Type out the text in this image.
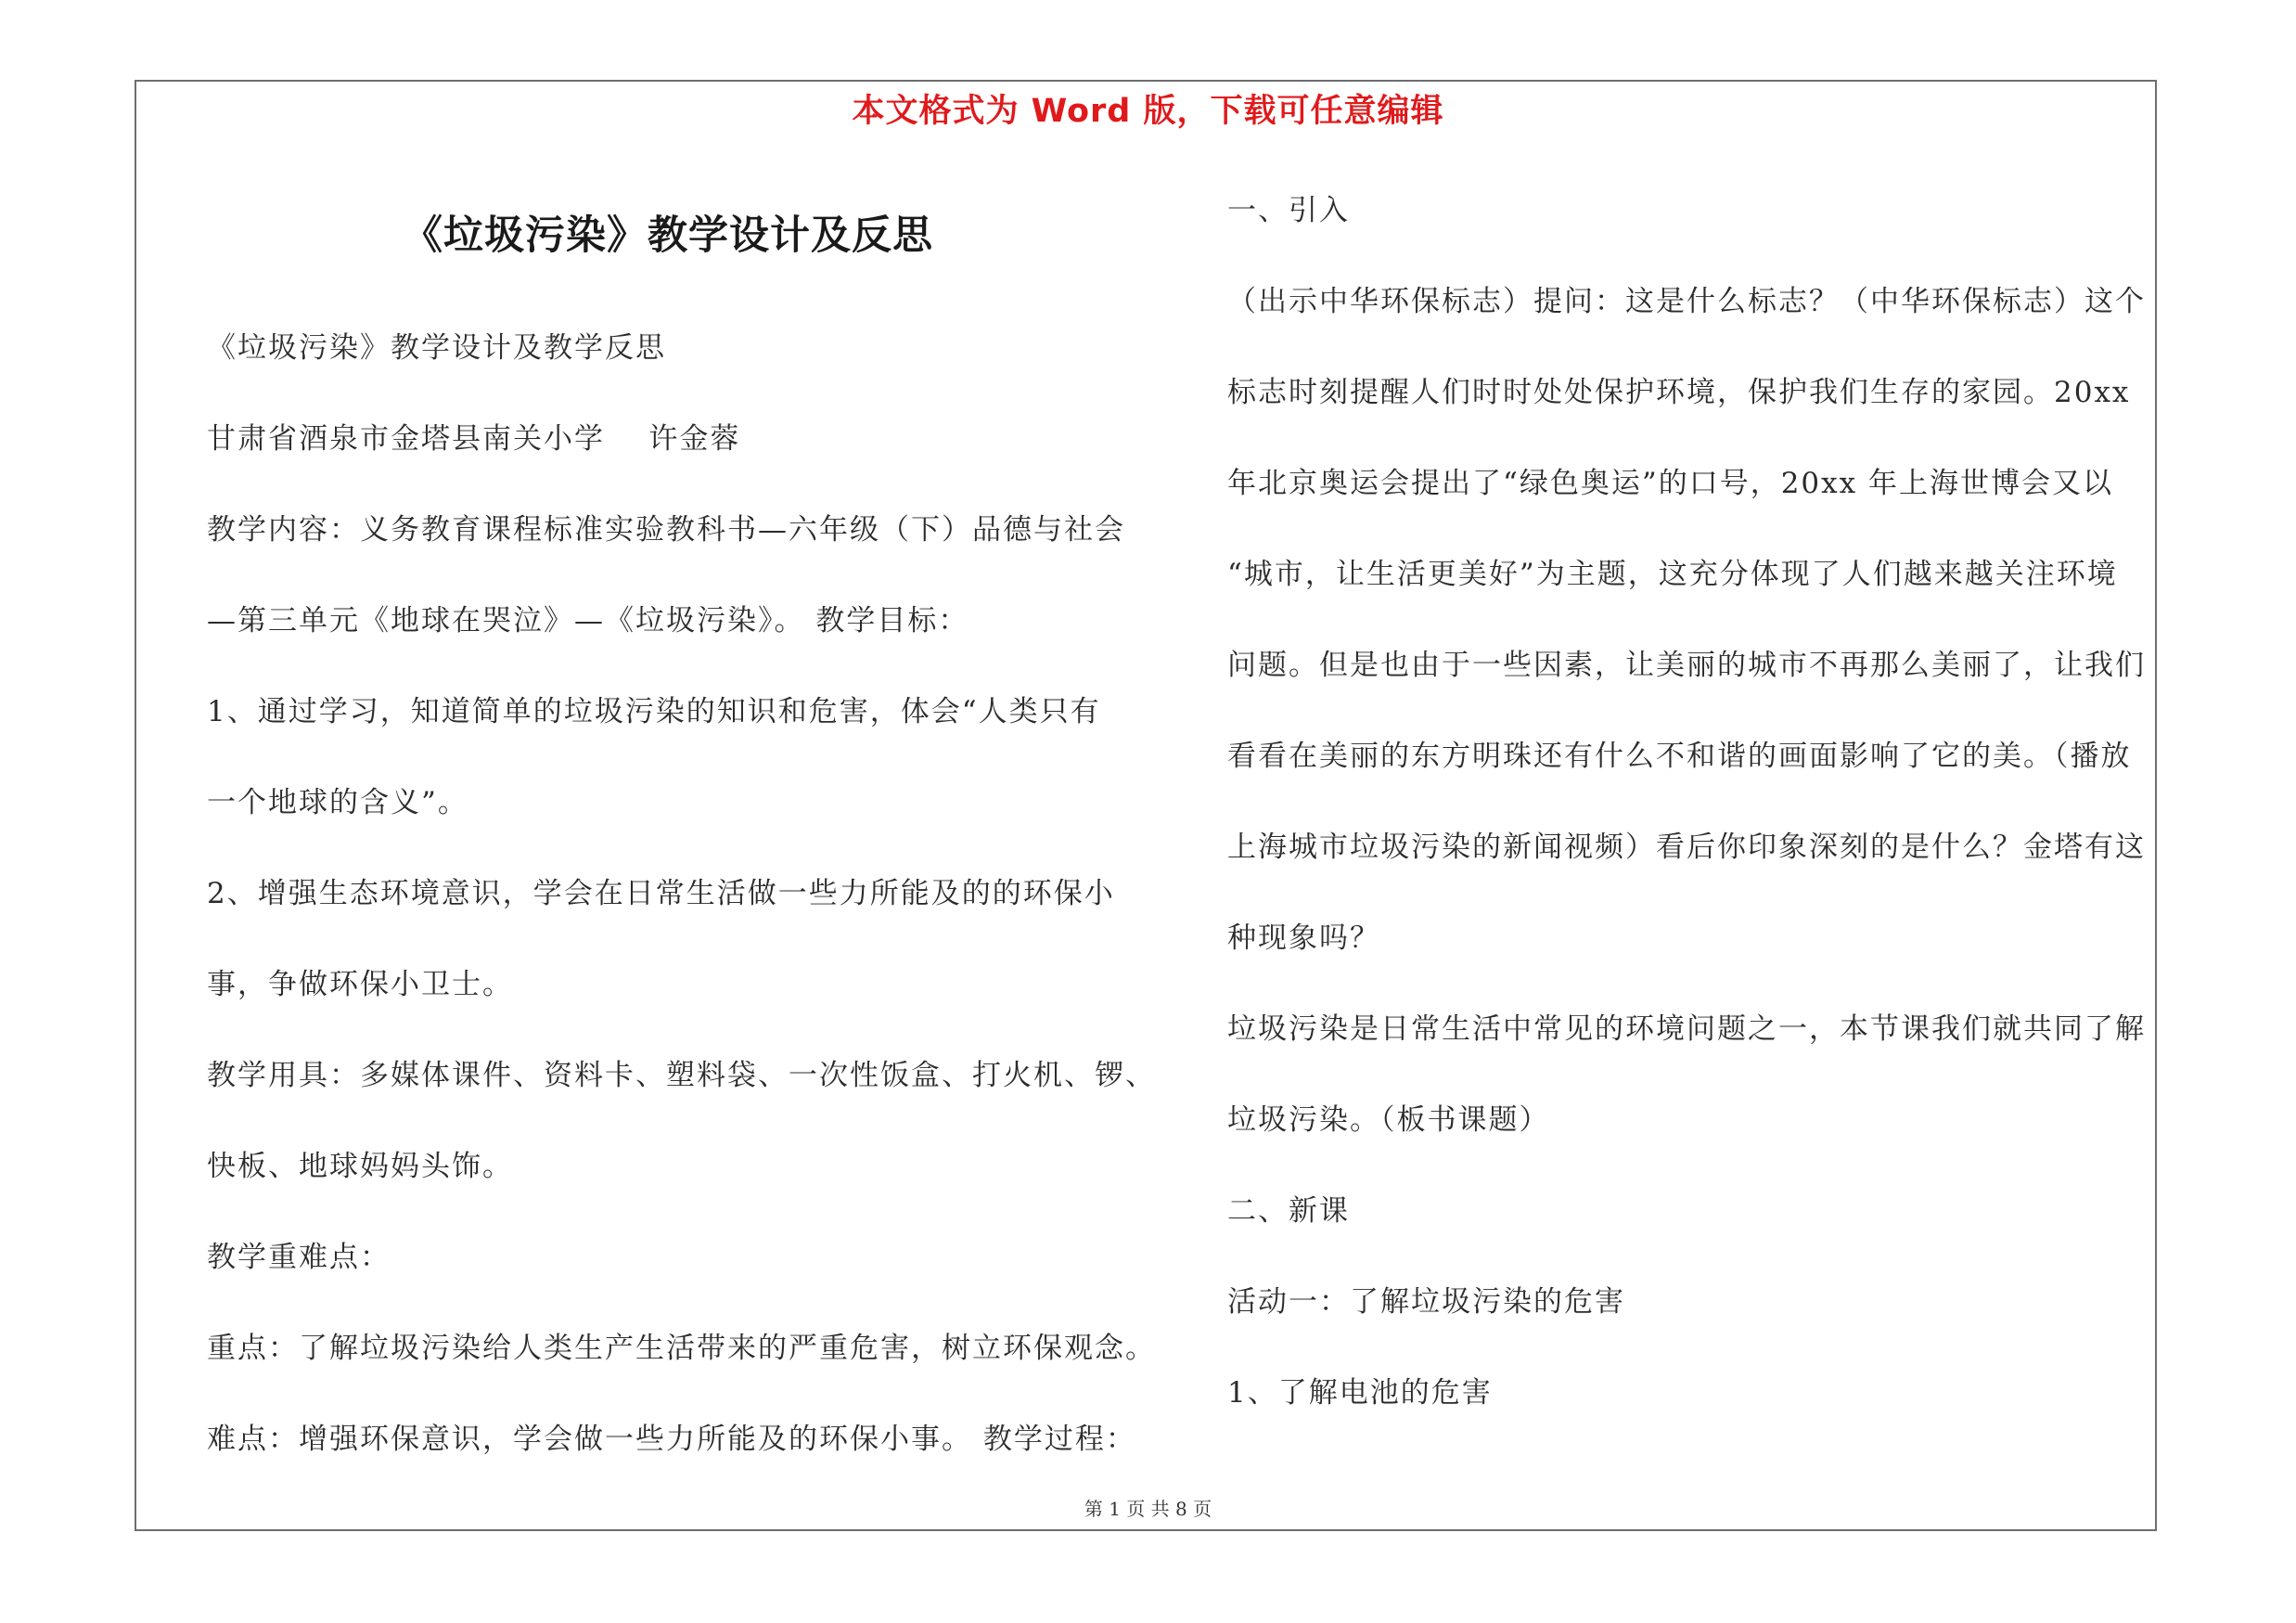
本文格式为 Word 版，下载可任意编辑
《垃圾污染》教学设计及反思
《垃圾污染》教学设计及教学反思
甘肃省酒泉市金塔县南关小学    许金蓉
教学内容：义务教育课程标准实验教科书—六年级（下）品德与社会
—第三单元《地球在哭泣》—《垃圾污染》。 教学目标：
1、通过学习，知道简单的垃圾污染的知识和危害，体会“人类只有
一个地球的含义”。
2、增强生态环境意识，学会在日常生活做一些力所能及的的环保小
事，争做环保小卫士。
教学用具：多媒体课件、资料卡、塑料袋、一次性饭盒、打火机、锣、
快板、地球妈妈头饰。
教学重难点：
重点：了解垃圾污染给人类生产生活带来的严重危害，树立环保观念。
难点：增强环保意识，学会做一些力所能及的环保小事。 教学过程：
一、引入
（出示中华环保标志）提问：这是什么标志？（中华环保标志）这个
标志时刻提醒人们时时处处保护环境，保护我们生存的家园。20xx
年北京奥运会提出了“绿色奥运”的口号，20xx 年上海世博会又以
“城市，让生活更美好”为主题，这充分体现了人们越来越关注环境
问题。但是也由于一些因素，让美丽的城市不再那么美丽了，让我们
看看在美丽的东方明珠还有什么不和谐的画面影响了它的美。（播放
上海城市垃圾污染的新闻视频）看后你印象深刻的是什么？金塔有这
种现象吗？
垃圾污染是日常生活中常见的环境问题之一，本节课我们就共同了解
垃圾污染。（板书课题）
二、新课
活动一：了解垃圾污染的危害
1、了解电池的危害
第 1 页 共 8 页
